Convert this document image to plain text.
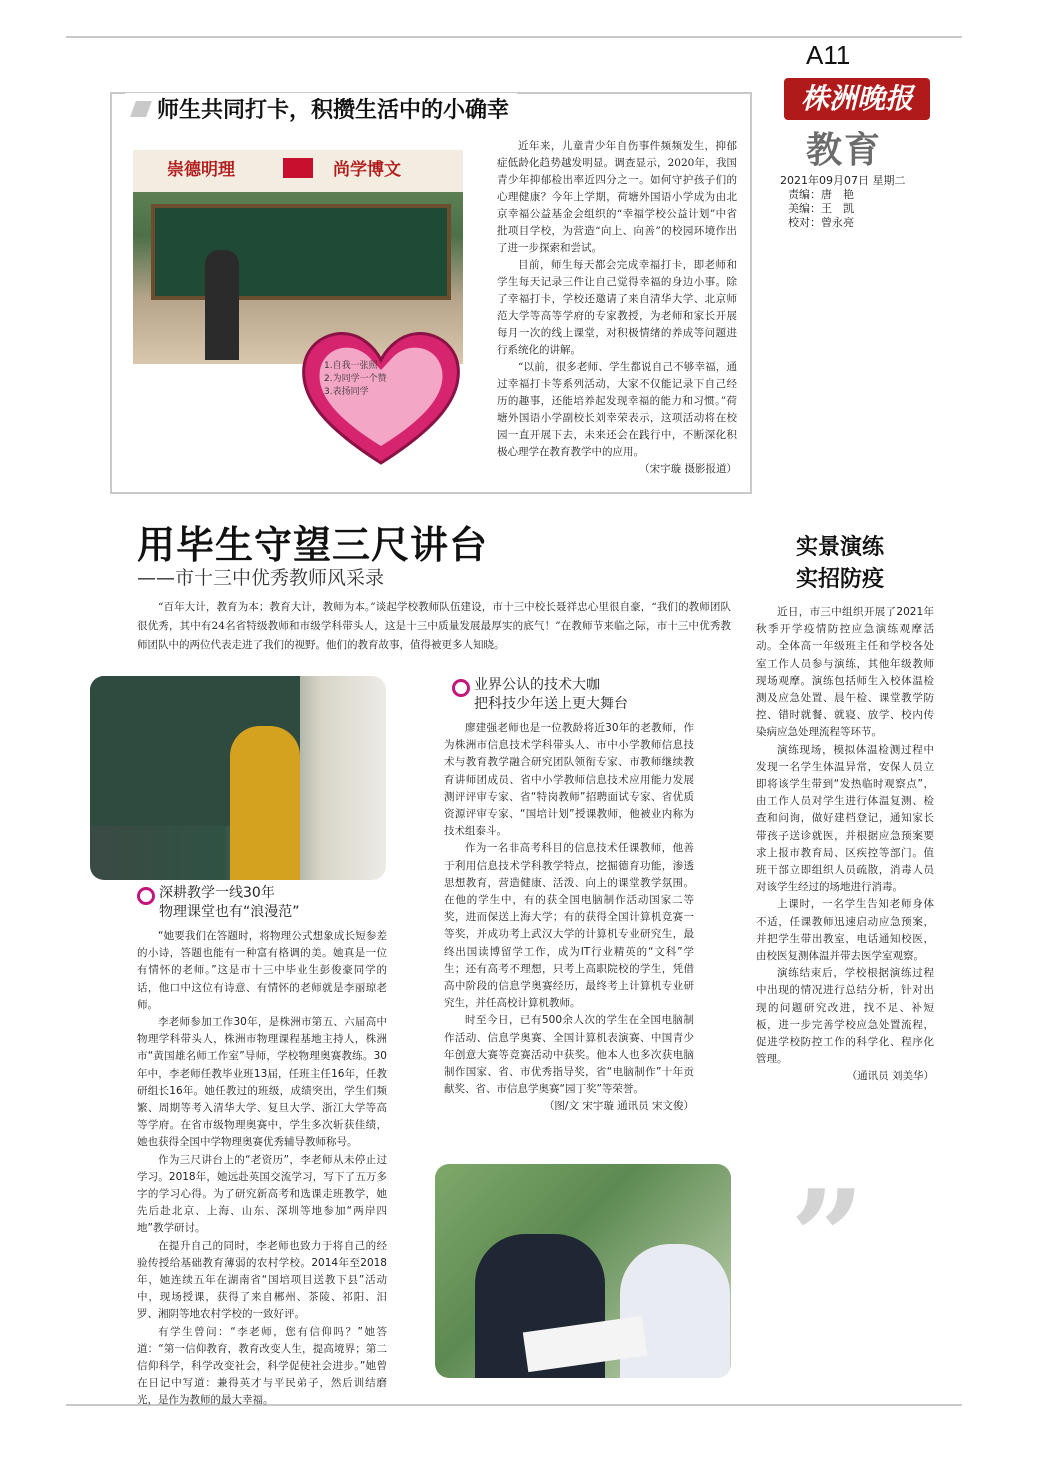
A11
株洲晚报
教育
2021年09月07日 星期二
责编：唐　艳
美编：王　凯
校对：曾永亮
师生共同打卡，积攒生活中的小确幸
崇德明理	尚学博文
1.自我一张照
2.为同学一个赞
3.表扬同学

近年来，儿童青少年自伤事件频频发生，抑郁症低龄化趋势越发明显。调查显示，2020年，我国青少年抑郁检出率近四分之一。如何守护孩子们的心理健康？今年上学期，荷塘外国语小学成为由北京幸福公益基金会组织的“幸福学校公益计划”中省批项目学校，为营造“向上、向善”的校园环境作出了进一步探索和尝试。

目前，师生每天都会完成幸福打卡，即老师和学生每天记录三件让自己觉得幸福的身边小事。除了幸福打卡，学校还邀请了来自清华大学、北京师范大学等高等学府的专家教授，为老师和家长开展每月一次的线上课堂，对积极情绪的养成等问题进行系统化的讲解。

“以前，很多老师、学生都说自己不够幸福，通过幸福打卡等系列活动，大家不仅能记录下自己经历的趣事，还能培养起发现幸福的能力和习惯。”荷塘外国语小学副校长刘幸荣表示，这项活动将在校园一直开展下去，未来还会在践行中，不断深化积极心理学在教育教学中的应用。

（宋宇璇 摄影报道）

用毕生守望三尺讲台
——市十三中优秀教师风采录

“百年大计，教育为本；教育大计，教师为本。”谈起学校教师队伍建设，市十三中校长聂祥忠心里很自豪，“我们的教师团队很优秀，其中有24名省特级教师和市级学科带头人，这是十三中质量发展最厚实的底气！”在教师节来临之际，市十三中优秀教师团队中的两位代表走进了我们的视野。他们的教育故事，值得被更多人知晓。

深耕教学一线30年
物理课堂也有“浪漫范”

“她要我们在答题时，将物理公式想象成长短参差的小诗，答题也能有一种富有格调的美。她真是一位有情怀的老师。”这是市十三中毕业生彭俊豪同学的话，他口中这位有诗意、有情怀的老师就是李丽琼老师。

李老师参加工作30年，是株洲市第五、六届高中物理学科带头人，株洲市物理课程基地主持人，株洲市“黄国雄名师工作室”导师，学校物理奥赛教练。30年中，李老师任教毕业班13届，任班主任16年，任教研组长16年。她任教过的班级，成绩突出，学生们频繁、周期等考入清华大学、复旦大学、浙江大学等高等学府。在省市级物理奥赛中，学生多次斩获佳绩，她也获得全国中学物理奥赛优秀辅导教师称号。

作为三尺讲台上的“老资历”，李老师从未停止过学习。2018年，她远赴英国交流学习，写下了五万多字的学习心得。为了研究新高考和选课走班教学，她先后赴北京、上海、山东、深圳等地参加“两岸四地”教学研讨。

在提升自己的同时，李老师也致力于将自己的经验传授给基础教育薄弱的农村学校。2014年至2018年，她连续五年在湖南省“国培项目送教下县”活动中，现场授课，获得了来自郴州、茶陵、祁阳、汨罗、湘阴等地农村学校的一致好评。

有学生曾问：“李老师，您有信仰吗？”她答道：“第一信仰教育，教育改变人生，提高境界；第二信仰科学，科学改变社会，科学促使社会进步。”她曾在日记中写道：兼得英才与平民弟子，然后训结磨光，是作为教师的最大幸福。

业界公认的技术大咖
把科技少年送上更大舞台

廖建强老师也是一位教龄将近30年的老教师，作为株洲市信息技术学科带头人、市中小学教师信息技术与教育教学融合研究团队领衔专家、市教师继续教育讲师团成员、省中小学教师信息技术应用能力发展测评评审专家、省“特岗教师”招聘面试专家、省优质资源评审专家、“国培计划”授课教师，他被业内称为技术组泰斗。

作为一名非高考科目的信息技术任课教师，他善于利用信息技术学科教学特点，挖掘德育功能，渗透思想教育，营造健康、活泼、向上的课堂教学氛围。在他的学生中，有的获全国电脑制作活动国家二等奖，进而保送上海大学；有的获得全国计算机竞赛一等奖，并成功考上武汉大学的计算机专业研究生，最终出国读博留学工作，成为IT行业精英的“文科”学生；还有高考不理想，只考上高职院校的学生，凭借高中阶段的信息学奥赛经历，最终考上计算机专业研究生，并任高校计算机教师。

时至今日，已有500余人次的学生在全国电脑制作活动、信息学奥赛、全国计算机表演赛、中国青少年创意大赛等竞赛活动中获奖。他本人也多次获电脑制作国家、省、市优秀指导奖，省“电脑制作”十年贡献奖、省、市信息学奥赛“园丁奖”等荣誉。

（图/文 宋宇璇 通讯员 宋文俊）

实景演练
实招防疫

近日，市三中组织开展了2021年秋季开学疫情防控应急演练观摩活动。全体高一年级班主任和学校各处室工作人员参与演练，其他年级教师现场观摩。演练包括师生入校体温检测及应急处置、晨午检、课堂教学防控、错时就餐、就寝、放学、校内传染病应急处理流程等环节。

演练现场，模拟体温检测过程中发现一名学生体温异常，安保人员立即将该学生带到“发热临时观察点”，由工作人员对学生进行体温复测、检查和问询，做好建档登记，通知家长带孩子送诊就医，并根据应急预案要求上报市教育局、区疾控等部门。值班干部立即组织人员疏散，消毒人员对该学生经过的场地进行消毒。

上课时，一名学生告知老师身体不适，任课教师迅速启动应急预案，并把学生带出教室，电话通知校医，由校医复测体温并带去医学室观察。

演练结束后，学校根据演练过程中出现的情况进行总结分析，针对出现的问题研究改进，找不足、补短板，进一步完善学校应急处置流程，促进学校防控工作的科学化、程序化管理。

（通讯员 刘美华）

”
